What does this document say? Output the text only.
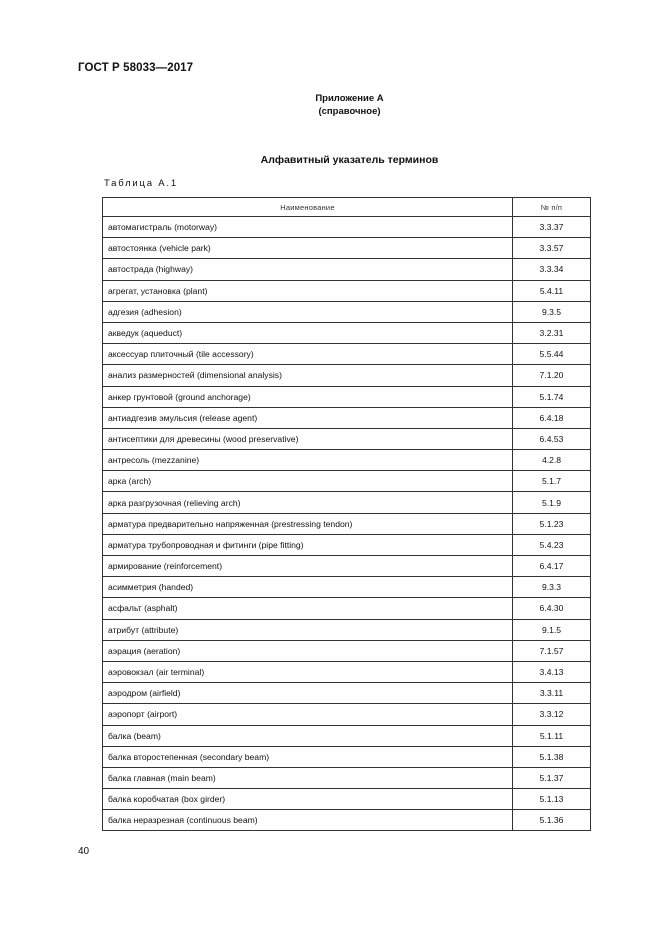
ГОСТ Р 58033—2017
Приложение А
(справочное)
Алфавитный указатель терминов
Таблица А.1
Наименование	№ п/п
автомагистраль (motorway)	3.3.37
автостоянка (vehicle park)	3.3.57
автострада (highway)	3.3.34
агрегат, установка (plant)	5.4.11
адгезия (adhesion)	9.3.5
акведук (aqueduct)	3.2.31
аксессуар плиточный (tile accessory)	5.5.44
анализ размерностей (dimensional analysis)	7.1.20
анкер грунтовой (ground anchorage)	5.1.74
антиадгезив эмульсия (release agent)	6.4.18
антисептики для древесины (wood preservative)	6.4.53
антресоль (mezzanine)	4.2.8
арка (arch)	5.1.7
арка разгрузочная (relieving arch)	5.1.9
арматура предварительно напряженная (prestressing tendon)	5.1.23
арматура трубопроводная и фитинги (pipe fitting)	5.4.23
армирование (reinforcement)	6.4.17
асимметрия (handed)	9.3.3
асфальт (asphalt)	6.4.30
атрибут (attribute)	9.1.5
аэрация (aeration)	7.1.57
аэровокзал (air terminal)	3.4.13
аэродром (airfield)	3.3.11
аэропорт (airport)	3.3.12
балка (beam)	5.1.11
балка второстепенная (secondary beam)	5.1.38
балка главная (main beam)	5.1.37
балка коробчатая (box girder)	5.1.13
балка неразрезная (continuous beam)	5.1.36
40
